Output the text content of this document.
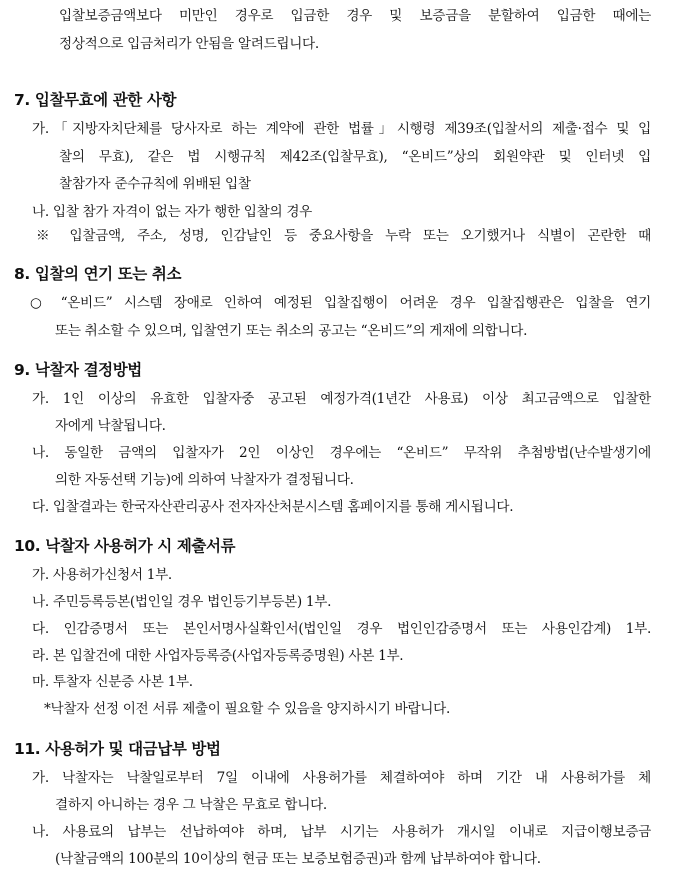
입찰보증금액보다 미만인 경우로 입금한 경우 및 보증금을 분할하여 입금한 때에는
정상적으로 입금처리가 안됨을 알려드립니다.
7. 입찰무효에 관한 사항
가.「지방자치단체를 당사자로 하는 계약에 관한 법률」시행령 제39조(입찰서의 제출·접수 및 입
찰의 무효), 같은 법 시행규칙 제42조(입찰무효), “온비드”상의 회원약관 및 인터넷 입
찰참가자 준수규칙에 위배된 입찰
나. 입찰 참가 자격이 없는 자가 행한 입찰의 경우
※ 입찰금액, 주소, 성명, 인감날인 등 중요사항을 누락 또는 오기했거나 식별이 곤란한 때
8. 입찰의 연기 또는 취소
○ “온비드” 시스템 장애로 인하여 예정된 입찰집행이 어려운 경우 입찰집행관은 입찰을 연기
또는 취소할 수 있으며, 입찰연기 또는 취소의 공고는 “온비드”의 게재에 의합니다.
9. 낙찰자 결정방법
가. 1인 이상의 유효한 입찰자중 공고된 예정가격(1년간 사용료) 이상 최고금액으로 입찰한
자에게 낙찰됩니다.
나. 동일한 금액의 입찰자가 2인 이상인 경우에는 “온비드” 무작위 추첨방법(난수발생기에
의한 자동선택 기능)에 의하여 낙찰자가 결정됩니다.
다. 입찰결과는 한국자산관리공사 전자자산처분시스템 홈페이지를 통해 게시됩니다.
10. 낙찰자 사용허가 시 제출서류
가. 사용허가신청서 1부.
나. 주민등록등본(법인일 경우 법인등기부등본) 1부.
다. 인감증명서 또는 본인서명사실확인서(법인일 경우 법인인감증명서 또는 사용인감계) 1부.
라. 본 입찰건에 대한 사업자등록증(사업자등록증명원) 사본 1부.
마. 투찰자 신분증 사본 1부.
*낙찰자 선정 이전 서류 제출이 필요할 수 있음을 양지하시기 바랍니다.
11. 사용허가 및 대금납부 방법
가. 낙찰자는 낙찰일로부터 7일 이내에 사용허가를 체결하여야 하며 기간 내 사용허가를 체
결하지 아니하는 경우 그 낙찰은 무효로 합니다.
나. 사용료의 납부는 선납하여야 하며, 납부 시기는 사용허가 개시일 이내로 지급이행보증금
(낙찰금액의 100분의 10이상의 현금 또는 보증보험증권)과 함께 납부하여야 합니다.
